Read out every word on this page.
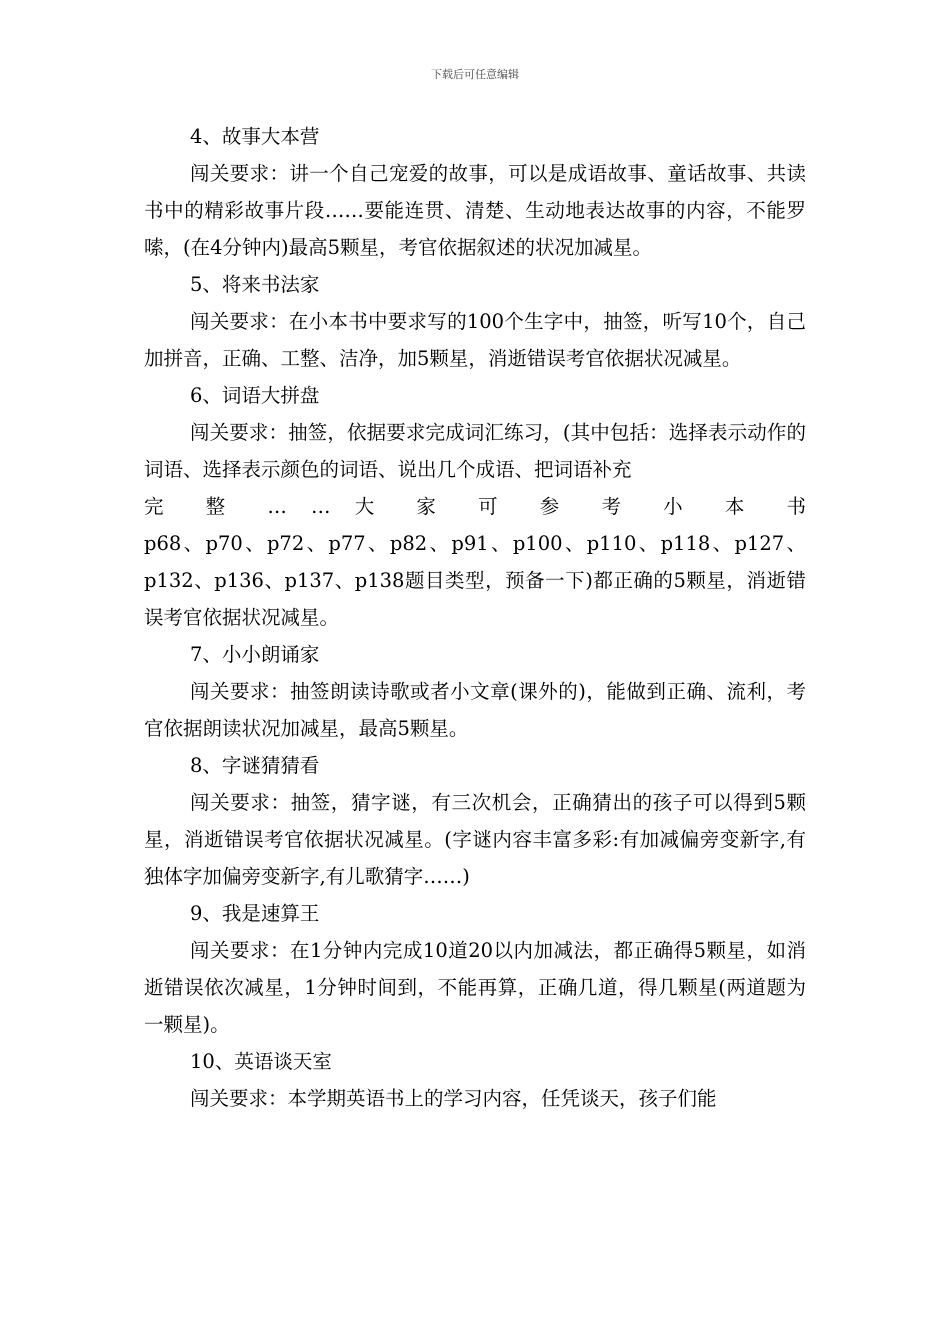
下载后可任意编辑

4、故事大本营

闯关要求：讲一个自己宠爱的故事，可以是成语故事、童话故事、共读书中的精彩故事片段……要能连贯、清楚、生动地表达故事的内容，不能罗嗦，(在4分钟内)最高5颗星，考官依据叙述的状况加减星。

5、将来书法家

闯关要求：在小本书中要求写的100个生字中，抽签，听写10个，自己加拼音，正确、工整、洁净，加5颗星，消逝错误考官依据状况减星。

6、词语大拼盘

闯关要求：抽签，依据要求完成词汇练习，(其中包括：选择表示动作的词语、选择表示颜色的词语、说出几个成语、把词语补充
完 整 … … 大 家 可 参 考 小 本 书
p68、p70、p72、p77、p82、p91、p100、p110、p118、p127、p132、p136、p137、p138题目类型，预备一下)都正确的5颗星，消逝错误考官依据状况减星。

7、小小朗诵家

闯关要求：抽签朗读诗歌或者小文章(课外的)，能做到正确、流利，考官依据朗读状况加减星，最高5颗星。

8、字谜猜猜看

闯关要求：抽签，猜字谜，有三次机会，正确猜出的孩子可以得到5颗星，消逝错误考官依据状况减星。(字谜内容丰富多彩:有加减偏旁变新字,有独体字加偏旁变新字,有儿歌猜字……)

9、我是速算王

闯关要求：在1分钟内完成10道20以内加减法，都正确得5颗星，如消逝错误依次减星，1分钟时间到，不能再算，正确几道，得几颗星(两道题为一颗星)。

10、英语谈天室

闯关要求：本学期英语书上的学习内容，任凭谈天，孩子们能
